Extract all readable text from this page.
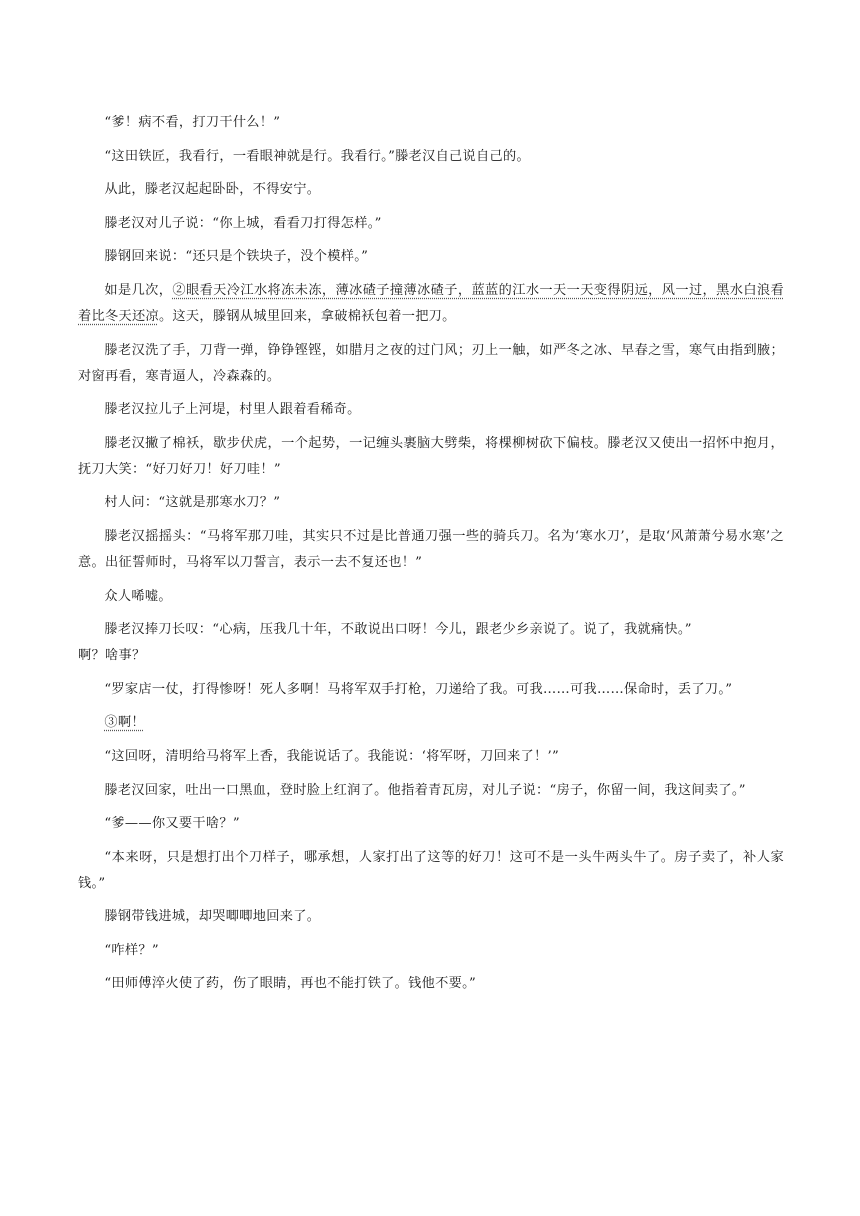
“爹！病不看，打刀干什么！”

“这田铁匠，我看行，一看眼神就是行。我看行。”滕老汉自己说自己的。

从此，滕老汉起起卧卧，不得安宁。

滕老汉对儿子说：“你上城，看看刀打得怎样。”

滕钢回来说：“还只是个铁块子，没个模样。”

如是几次，②眼看天冷江水将冻未冻，薄冰碴子撞薄冰碴子，蓝蓝的江水一天一天变得阴远，风一过，黑水白浪看着比冬天还凉。这天，滕钢从城里回来，拿破棉袄包着一把刀。

滕老汉洗了手，刀背一弹，铮铮铿铿，如腊月之夜的过门风；刃上一触，如严冬之冰、早春之雪，寒气由指到腋；对窗再看，寒青逼人，冷森森的。

滕老汉拉儿子上河堤，村里人跟着看稀奇。

滕老汉撇了棉袄，歇步伏虎，一个起势，一记缠头裹脑大劈柴，将棵柳树砍下偏枝。滕老汉又使出一招怀中抱月，抚刀大笑：“好刀好刀！好刀哇！”

村人问：“这就是那寒水刀？”

滕老汉摇摇头：“马将军那刀哇，其实只不过是比普通刀强一些的骑兵刀。名为‘寒水刀’，是取‘风萧萧兮易水寒’之意。出征誓师时，马将军以刀誓言，表示一去不复还也！”

众人唏嘘。

滕老汉捧刀长叹：“心病，压我几十年，不敢说出口呀！今儿，跟老少乡亲说了。说了，我就痛快。”

啊？啥事？

“罗家店一仗，打得惨呀！死人多啊！马将军双手打枪，刀递给了我。可我……可我……保命时，丢了刀。”

③啊！

“这回呀，清明给马将军上香，我能说话了。我能说：‘将军呀，刀回来了！’”

滕老汉回家，吐出一口黑血，登时脸上红润了。他指着青瓦房，对儿子说：“房子，你留一间，我这间卖了。”

“爹——你又要干啥？”

“本来呀，只是想打出个刀样子，哪承想，人家打出了这等的好刀！这可不是一头牛两头牛了。房子卖了，补人家钱。”

滕钢带钱进城，却哭唧唧地回来了。

“咋样？”

“田师傅淬火使了药，伤了眼睛，再也不能打铁了。钱他不要。”
